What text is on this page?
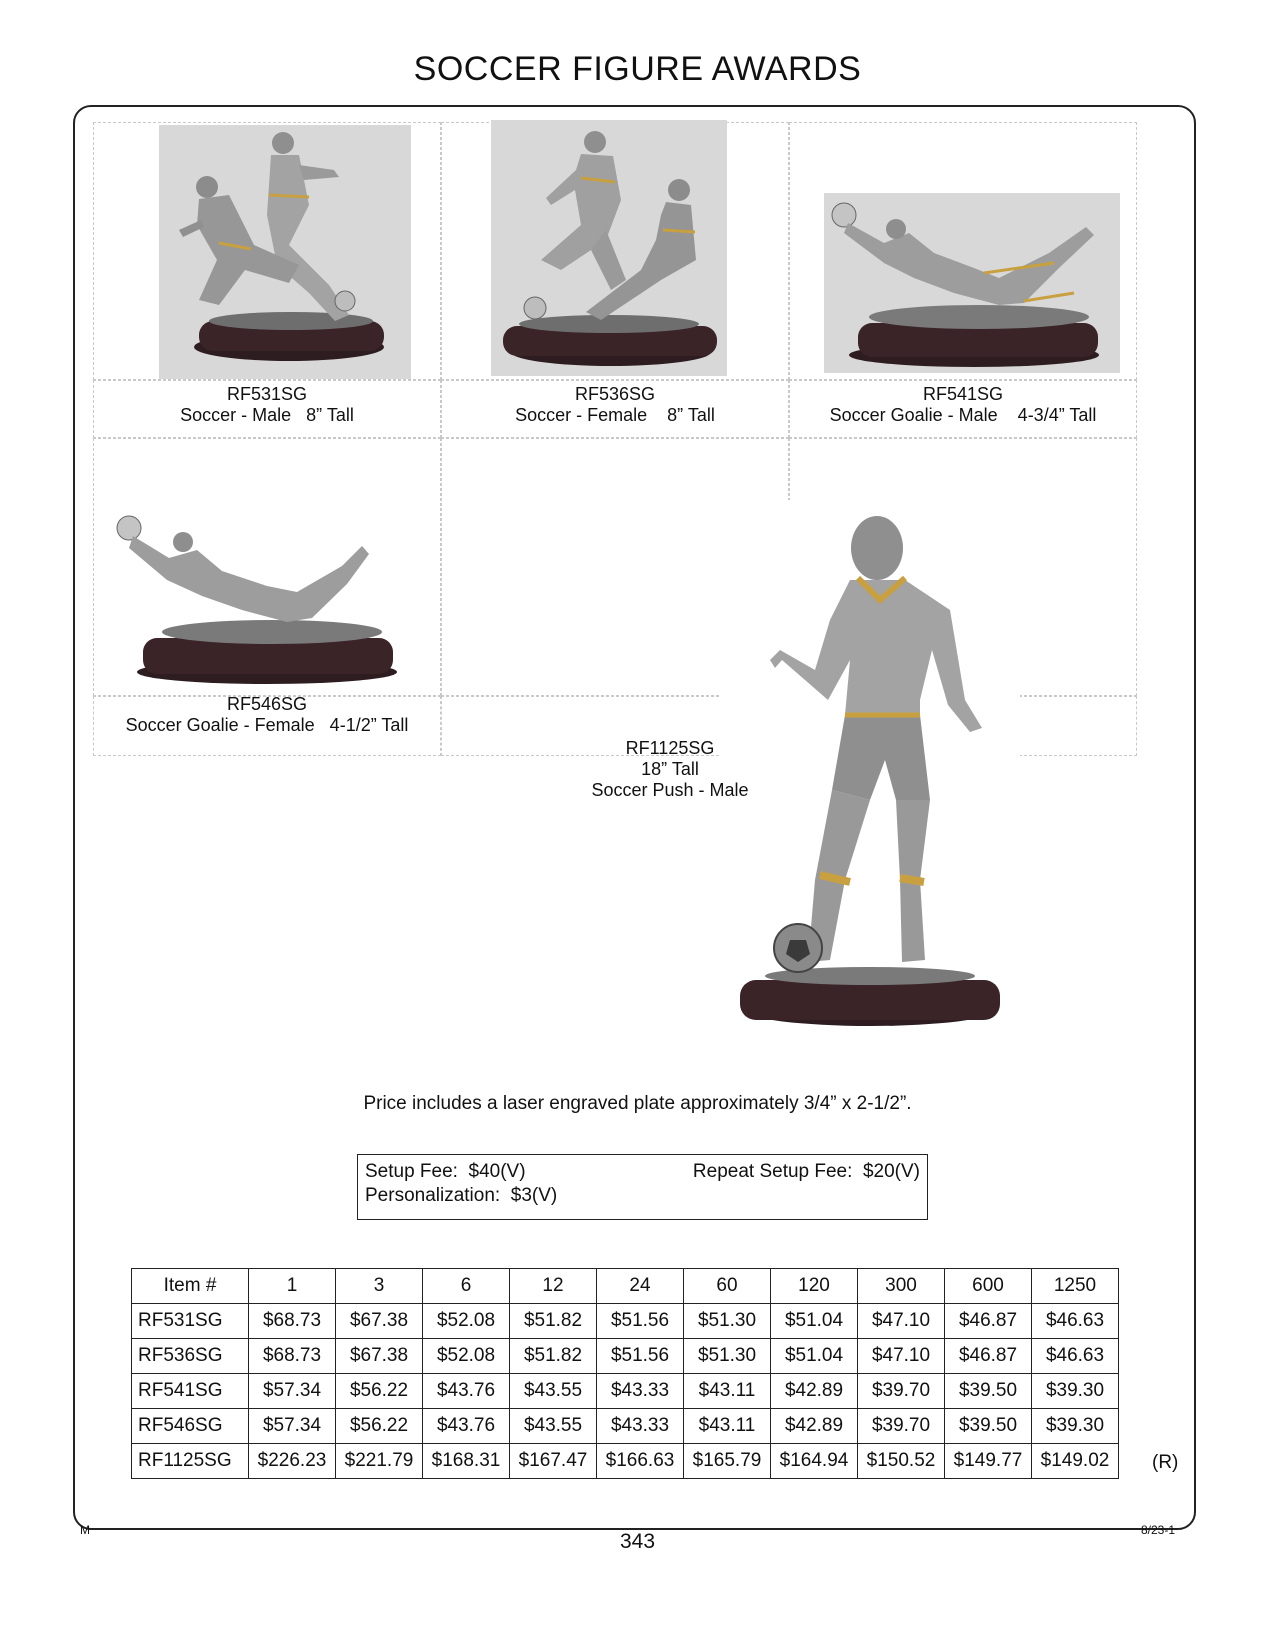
SOCCER FIGURE AWARDS
RF531SG
Soccer - Male   8” Tall
RF536SG
Soccer - Female    8” Tall
RF541SG
Soccer Goalie - Male    4-3/4” Tall
RF546SG
Soccer Goalie - Female   4-1/2” Tall
RF1125SG
18” Tall
Soccer Push - Male
Price includes a laser engraved plate approximately 3/4” x 2-1/2”.
Setup Fee:  $40(V)	Repeat Setup Fee:  $20(V)
Personalization:  $3(V)
Item #	1	3	6	12	24	60	120	300	600	1250
RF531SG	$68.73	$67.38	$52.08	$51.82	$51.56	$51.30	$51.04	$47.10	$46.87	$46.63
RF536SG	$68.73	$67.38	$52.08	$51.82	$51.56	$51.30	$51.04	$47.10	$46.87	$46.63
RF541SG	$57.34	$56.22	$43.76	$43.55	$43.33	$43.11	$42.89	$39.70	$39.50	$39.30
RF546SG	$57.34	$56.22	$43.76	$43.55	$43.33	$43.11	$42.89	$39.70	$39.50	$39.30
RF1125SG	$226.23	$221.79	$168.31	$167.47	$166.63	$165.79	$164.94	$150.52	$149.77	$149.02 (R)
M	343	8/23-1
